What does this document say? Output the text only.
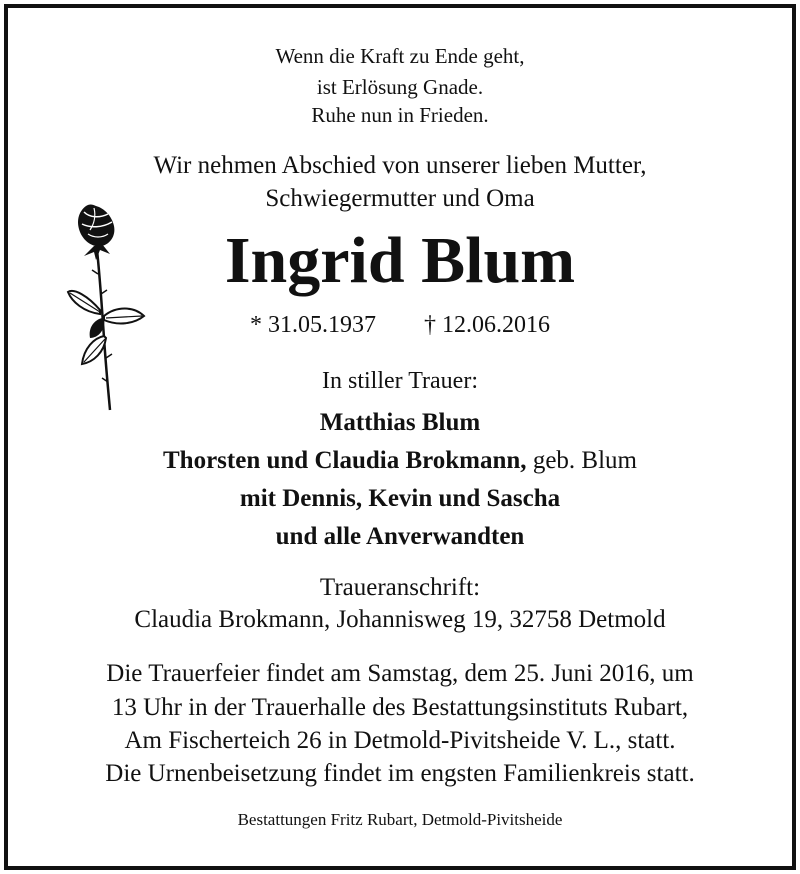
Wenn die Kraft zu Ende geht,
ist Erlösung Gnade.
Ruhe nun in Frieden.
Wir nehmen Abschied von unserer lieben Mutter,
Schwiegermutter und Oma
Ingrid Blum
* 31.05.1937 † 12.06.2016
In stiller Trauer:
Matthias Blum
Thorsten und Claudia Brokmann, geb. Blum
mit Dennis, Kevin und Sascha
und alle Anverwandten
Traueranschrift:
Claudia Brokmann, Johannisweg 19, 32758 Detmold
Die Trauerfeier findet am Samstag, dem 25. Juni 2016, um
13 Uhr in der Trauerhalle des Bestattungsinstituts Rubart,
Am Fischerteich 26 in Detmold-Pivitsheide V. L., statt.
Die Urnenbeisetzung findet im engsten Familienkreis statt.
Bestattungen Fritz Rubart, Detmold-Pivitsheide
